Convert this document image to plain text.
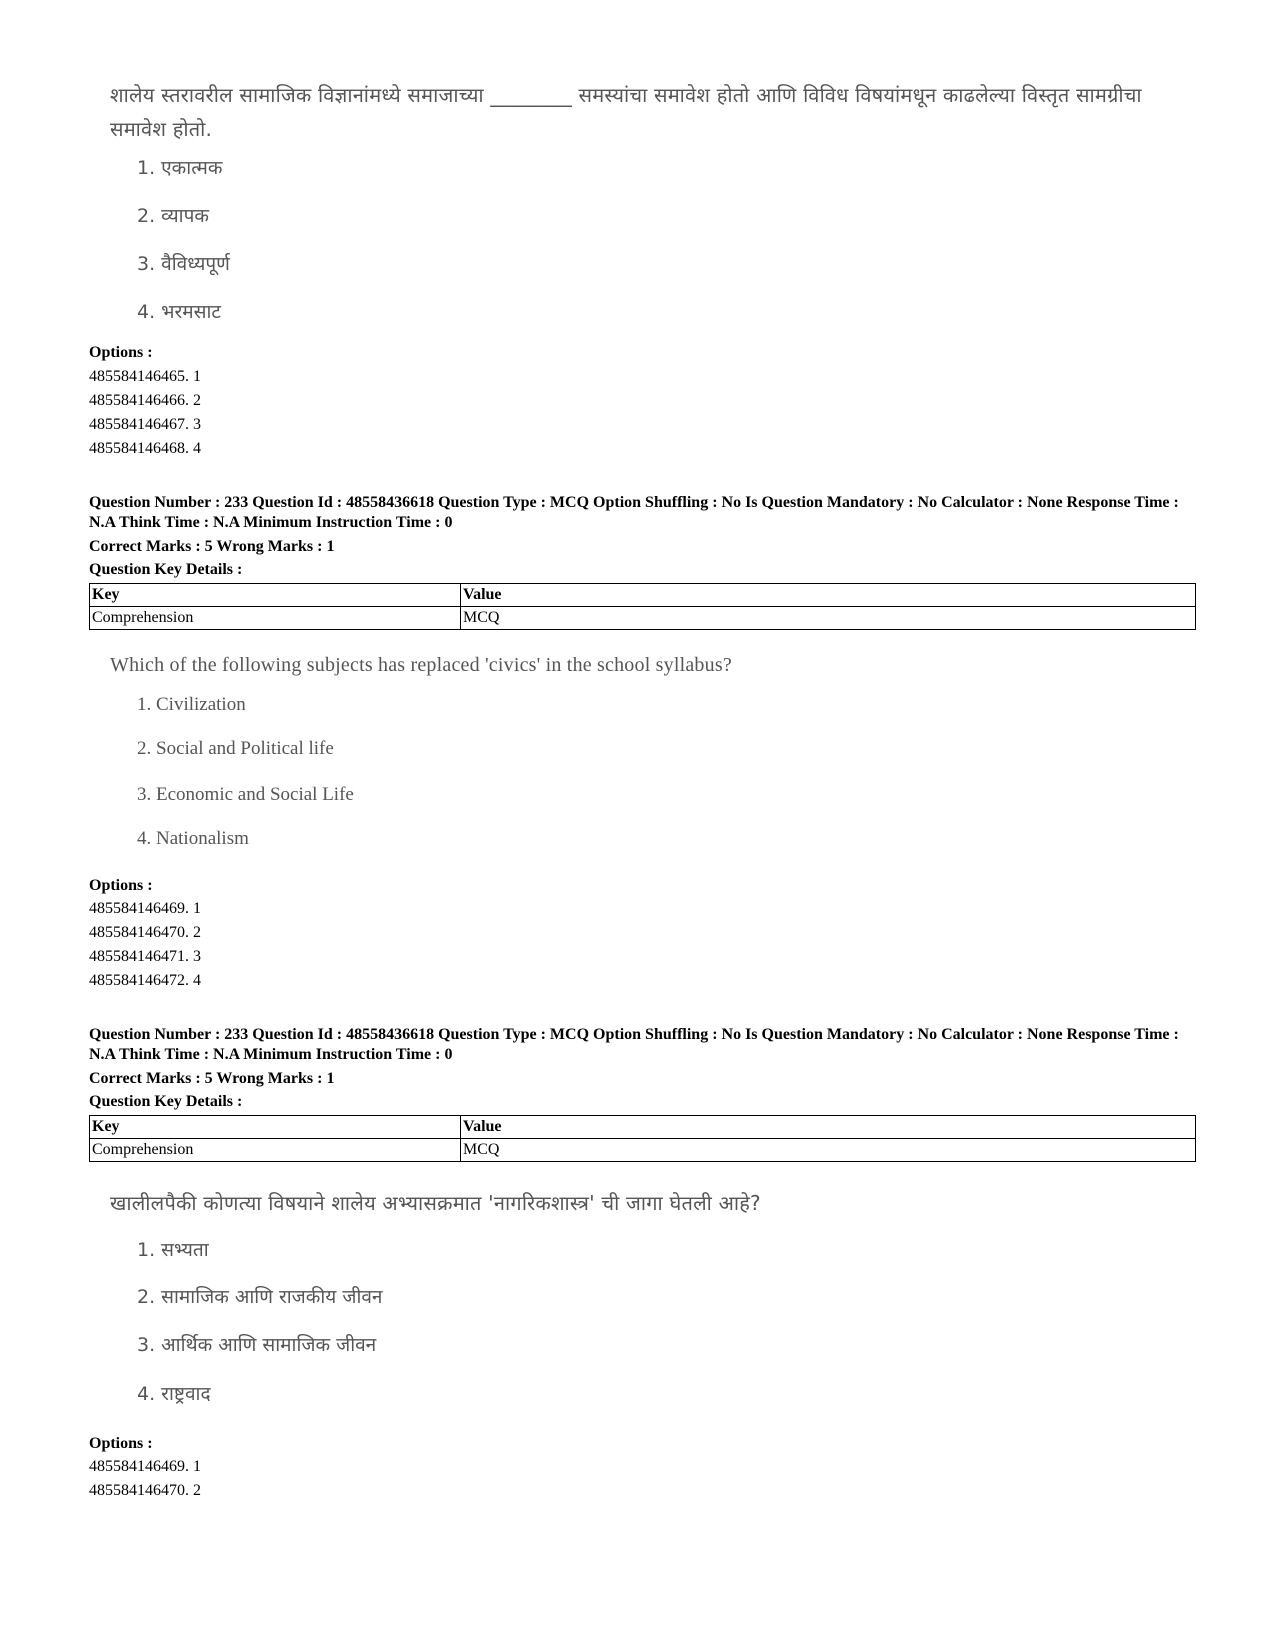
शालेय स्तरावरील सामाजिक विज्ञानांमध्ये समाजाच्या ________ समस्यांचा समावेश होतो आणि विविध विषयांमधून काढलेल्या विस्तृत सामग्रीचा समावेश होतो.
1. एकात्मक
2. व्यापक
3. वैविध्यपूर्ण
4. भरमसाट
Options :
485584146465. 1
485584146466. 2
485584146467. 3
485584146468. 4
Question Number : 233 Question Id : 48558436618 Question Type : MCQ Option Shuffling : No Is Question Mandatory : No Calculator : None Response Time : N.A Think Time : N.A Minimum Instruction Time : 0
Correct Marks : 5 Wrong Marks : 1
Question Key Details :
Key	Value
Comprehension	MCQ
Which of the following subjects has replaced 'civics' in the school syllabus?
1. Civilization
2. Social and Political life
3. Economic and Social Life
4. Nationalism
Options :
485584146469. 1
485584146470. 2
485584146471. 3
485584146472. 4
Question Number : 233 Question Id : 48558436618 Question Type : MCQ Option Shuffling : No Is Question Mandatory : No Calculator : None Response Time : N.A Think Time : N.A Minimum Instruction Time : 0
Correct Marks : 5 Wrong Marks : 1
Question Key Details :
Key	Value
Comprehension	MCQ
खालीलपैकी कोणत्या विषयाने शालेय अभ्यासक्रमात 'नागरिकशास्त्र' ची जागा घेतली आहे?
1. सभ्यता
2. सामाजिक आणि राजकीय जीवन
3. आर्थिक आणि सामाजिक जीवन
4. राष्ट्रवाद
Options :
485584146469. 1
485584146470. 2
